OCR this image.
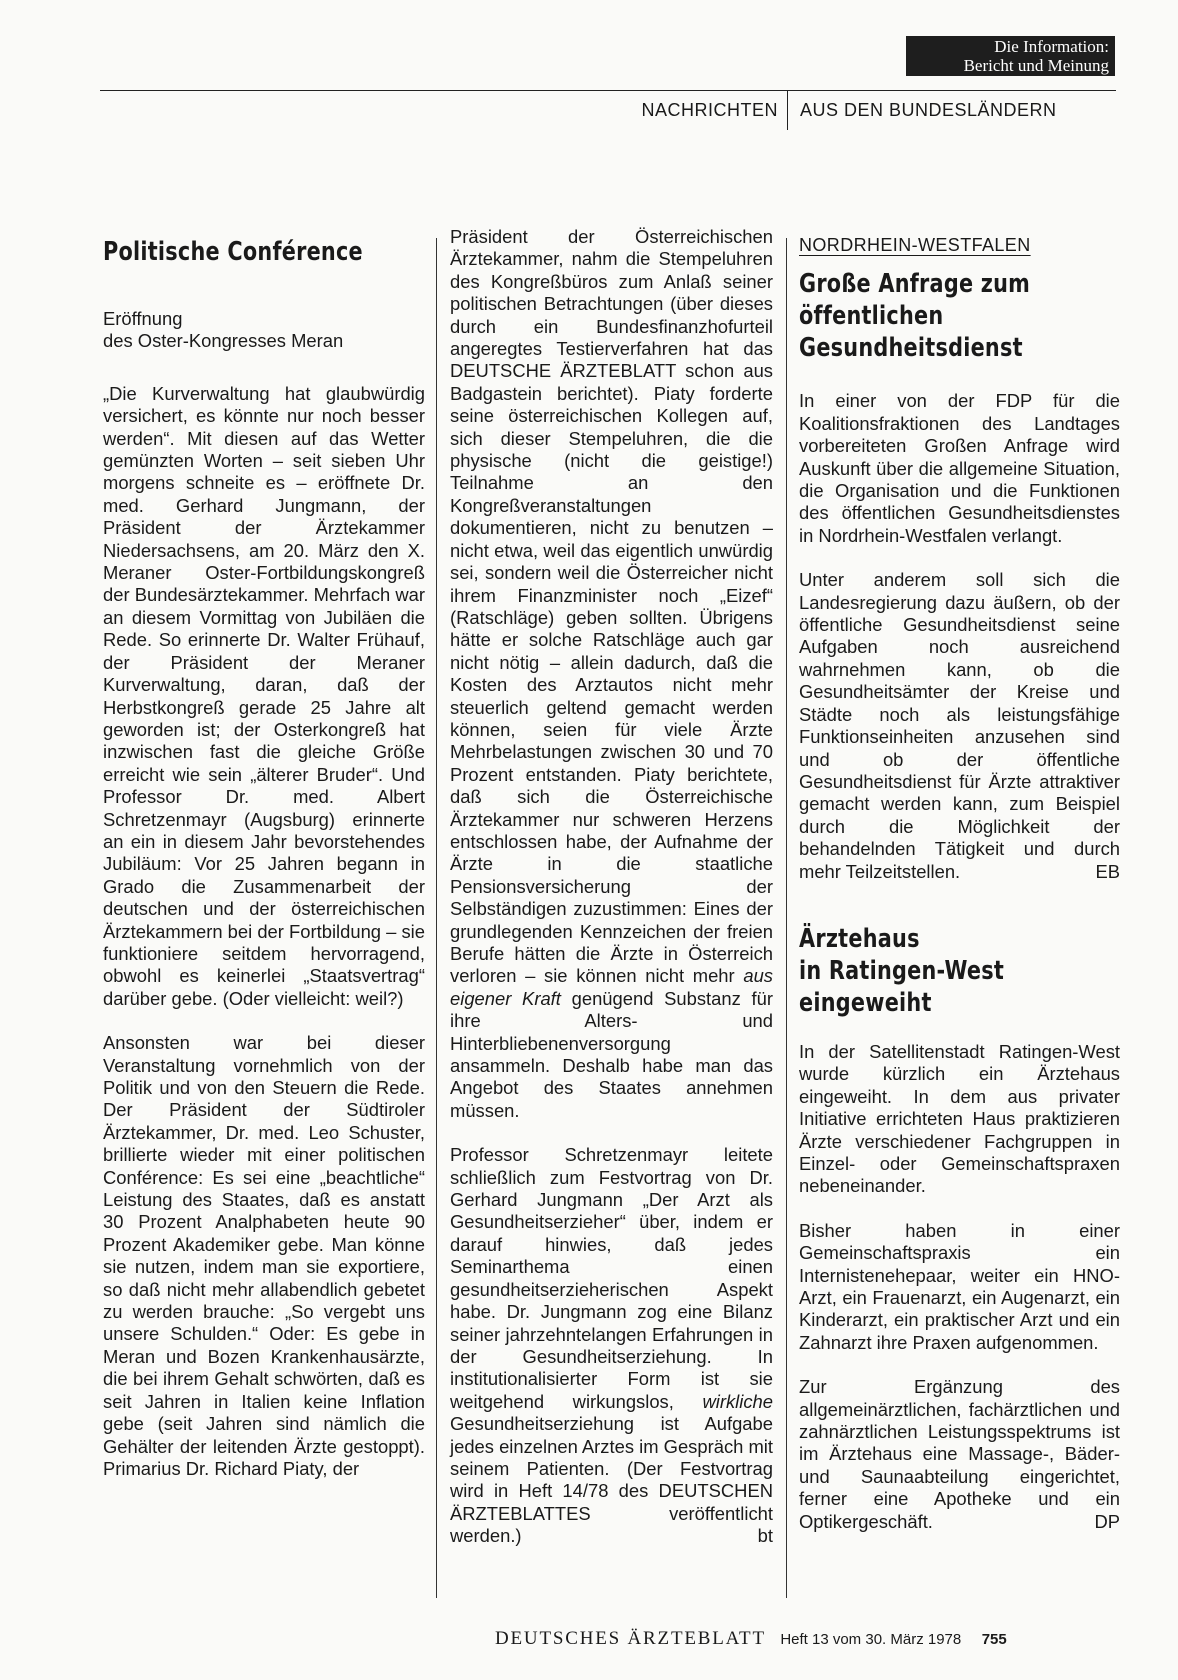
Die Information:
Bericht und Meinung
NACHRICHTEN AUS DEN BUNDESLÄNDERN
Politische Conférence
Eröffnung
des Oster-Kongresses Meran

„Die Kurverwaltung hat glaubwürdig versichert, es könnte nur noch besser werden“. Mit diesen auf das Wetter gemünzten Worten – seit sieben Uhr morgens schneite es – eröffnete Dr. med. Gerhard Jungmann, der Präsident der Ärztekammer Niedersachsens, am 20. März den X. Meraner Oster-Fortbildungskongreß der Bundesärztekammer. Mehrfach war an diesem Vormittag von Jubiläen die Rede. So erinnerte Dr. Walter Frühauf, der Präsident der Meraner Kurverwaltung, daran, daß der Herbstkongreß gerade 25 Jahre alt geworden ist; der Osterkongreß hat inzwischen fast die gleiche Größe erreicht wie sein „älterer Bruder“. Und Professor Dr. med. Albert Schretzenmayr (Augsburg) erinnerte an ein in diesem Jahr bevorstehendes Jubiläum: Vor 25 Jahren begann in Grado die Zusammenarbeit der deutschen und der österreichischen Ärztekammern bei der Fortbildung – sie funktioniere seitdem hervorragend, obwohl es keinerlei „Staatsvertrag“ darüber gebe. (Oder vielleicht: weil?)

Ansonsten war bei dieser Veranstaltung vornehmlich von der Politik und von den Steuern die Rede. Der Präsident der Südtiroler Ärztekammer, Dr. med. Leo Schuster, brillierte wieder mit einer politischen Conférence: Es sei eine „beachtliche“ Leistung des Staates, daß es anstatt 30 Prozent Analphabeten heute 90 Prozent Akademiker gebe. Man könne sie nutzen, indem man sie exportiere, so daß nicht mehr allabendlich gebetet zu werden brauche: „So vergebt uns unsere Schulden.“ Oder: Es gebe in Meran und Bozen Krankenhausärzte, die bei ihrem Gehalt schwörten, daß es seit Jahren in Italien keine Inflation gebe (seit Jahren sind nämlich die Gehälter der leitenden Ärzte gestoppt). Primarius Dr. Richard Piaty, der

Präsident der Österreichischen Ärztekammer, nahm die Stempeluhren des Kongreßbüros zum Anlaß seiner politischen Betrachtungen (über dieses durch ein Bundesfinanzhofurteil angeregtes Testierverfahren hat das DEUTSCHE ÄRZTEBLATT schon aus Badgastein berichtet). Piaty forderte seine österreichischen Kollegen auf, sich dieser Stempeluhren, die die physische (nicht die geistige!) Teilnahme an den Kongreßveranstaltungen dokumentieren, nicht zu benutzen – nicht etwa, weil das eigentlich unwürdig sei, sondern weil die Österreicher nicht ihrem Finanzminister noch „Eizef“ (Ratschläge) geben sollten. Übrigens hätte er solche Ratschläge auch gar nicht nötig – allein dadurch, daß die Kosten des Arztautos nicht mehr steuerlich geltend gemacht werden können, seien für viele Ärzte Mehrbelastungen zwischen 30 und 70 Prozent entstanden. Piaty berichtete, daß sich die Österreichische Ärztekammer nur schweren Herzens entschlossen habe, der Aufnahme der Ärzte in die staatliche Pensionsversicherung der Selbständigen zuzustimmen: Eines der grundlegenden Kennzeichen der freien Berufe hätten die Ärzte in Österreich verloren – sie können nicht mehr aus eigener Kraft genügend Substanz für ihre Alters- und Hinterbliebenenversorgung ansammeln. Deshalb habe man das Angebot des Staates annehmen müssen.

Professor Schretzenmayr leitete schließlich zum Festvortrag von Dr. Gerhard Jungmann „Der Arzt als Gesundheitserzieher“ über, indem er darauf hinwies, daß jedes Seminarthema einen gesundheitserzieherischen Aspekt habe. Dr. Jungmann zog eine Bilanz seiner jahrzehntelangen Erfahrungen in der Gesundheitserziehung. In institutionalisierter Form ist sie weitgehend wirkungslos, wirkliche Gesundheitserziehung ist Aufgabe jedes einzelnen Arztes im Gespräch mit seinem Patienten. (Der Festvortrag wird in Heft 14/78 des DEUTSCHEN ÄRZTEBLATTES veröffentlicht werden.)	bt

NORDRHEIN-WESTFALEN
Große Anfrage zum
öffentlichen
Gesundheitsdienst

In einer von der FDP für die Koalitionsfraktionen des Landtages vorbereiteten Großen Anfrage wird Auskunft über die allgemeine Situation, die Organisation und die Funktionen des öffentlichen Gesundheitsdienstes in Nordrhein-Westfalen verlangt.

Unter anderem soll sich die Landesregierung dazu äußern, ob der öffentliche Gesundheitsdienst seine Aufgaben noch ausreichend wahrnehmen kann, ob die Gesundheitsämter der Kreise und Städte noch als leistungsfähige Funktionseinheiten anzusehen sind und ob der öffentliche Gesundheitsdienst für Ärzte attraktiver gemacht werden kann, zum Beispiel durch die Möglichkeit der behandelnden Tätigkeit und durch mehr Teilzeitstellen.	EB

Ärztehaus
in Ratingen-West
eingeweiht

In der Satellitenstadt Ratingen-West wurde kürzlich ein Ärztehaus eingeweiht. In dem aus privater Initiative errichteten Haus praktizieren Ärzte verschiedener Fachgruppen in Einzel- oder Gemeinschaftspraxen nebeneinander.

Bisher haben in einer Gemeinschaftspraxis ein Internistenehepaar, weiter ein HNO-Arzt, ein Frauenarzt, ein Augenarzt, ein Kinderarzt, ein praktischer Arzt und ein Zahnarzt ihre Praxen aufgenommen.

Zur Ergänzung des allgemeinärztlichen, fachärztlichen und zahnärztlichen Leistungsspektrums ist im Ärztehaus eine Massage-, Bäder- und Saunaabteilung eingerichtet, ferner eine Apotheke und ein Optikergeschäft.	DP

DEUTSCHES ÄRZTEBLATT Heft 13 vom 30. März 1978 755
